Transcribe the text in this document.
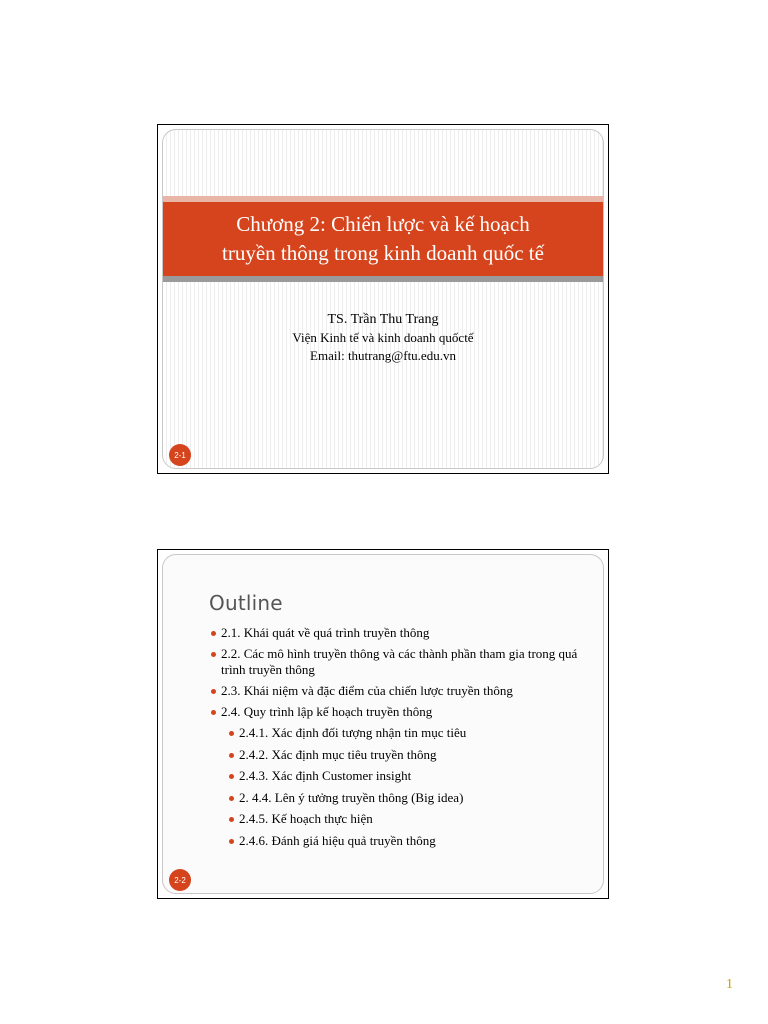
Chương 2: Chiến lược và kế hoạch
truyền thông trong kinh doanh quốc tế
TS. Trần Thu Trang
Viện Kinh tế và kinh doanh quốctế
Email: thutrang@ftu.edu.vn
2-1
Outline
2.1. Khái quát về quá trình truyền thông
2.2. Các mô hình truyền thông và các thành phần tham gia trong quá trình truyền thông
2.3. Khái niệm và đặc điểm của chiến lược truyền thông
2.4. Quy trình lập kế hoạch truyền thông
2.4.1. Xác định đối tượng nhận tin mục tiêu
2.4.2. Xác định mục tiêu truyền thông
2.4.3. Xác định Customer insight
2. 4.4. Lên ý tưởng truyền thông (Big idea)
2.4.5. Kế hoạch thực hiện
2.4.6. Đánh giá hiệu quả truyền thông
2-2
1
